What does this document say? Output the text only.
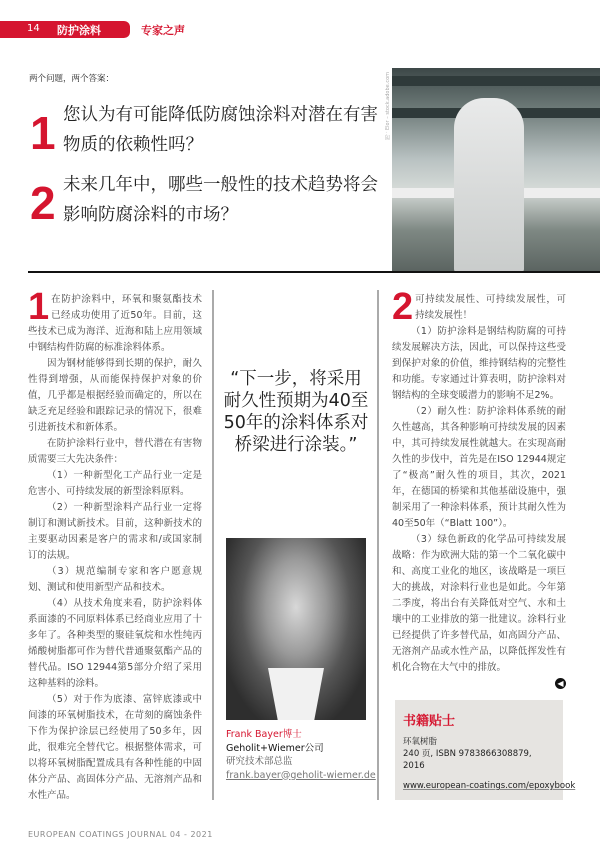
14 防护涂料	专家之声
两个问题，两个答案：
1 您认为有可能降低防腐蚀涂料对潜在有害物质的依赖性吗？
2 未来几年中，哪些一般性的技术趋势将会影响防腐涂料的市场？
图：Elor – stock.adobe.com
1 在防护涂料中，环氧和聚氨酯技术已经成功使用了近50年。目前，这些技术已成为海洋、近海和陆上应用领域中钢结构件防腐的标准涂料体系。

因为钢材能够得到长期的保护，耐久性得到增强，从而能保持保护对象的价值，几乎都是根据经验而确定的，所以在缺乏充足经验和跟踪记录的情况下，很难引进新技术和新体系。

在防护涂料行业中，替代潜在有害物质需要三大先决条件：

（1）一种新型化工产品行业一定是危害小、可持续发展的新型涂料原料。

（2）一种新型涂料产品行业一定将制订和测试新技术。目前，这种新技术的主要驱动因素是客户的需求和/或国家制订的法规。

（3）规范编制专家和客户愿意规划、测试和使用新型产品和技术。

（4）从技术角度来看，防护涂料体系面漆的不同原料体系已经商业应用了十多年了。各种类型的聚硅氧烷和水性纯丙烯酸树脂都可作为替代普通聚氨酯产品的替代品。ISO 12944第5部分介绍了采用这种基料的涂料。

（5）对于作为底漆、富锌底漆或中间漆的环氧树脂技术，在苛刻的腐蚀条件下作为保护涂层已经使用了50多年，因此，很难完全替代它。根据整体需求，可以将环氧树脂配置成具有各种性能的中固体分产品、高固体分产品、无溶剂产品和水性产品。

“下一步，将采用耐久性预期为40至50年的涂料体系对桥梁进行涂装。”
Frank Bayer博士
Geholit+Wiemer公司
研究技术部总监
frank.bayer@geholit-wiemer.de
2 可持续发展性、可持续发展性，可持续发展性！

（1）防护涂料是钢结构防腐的可持续发展解决方法，因此，可以保持这些受到保护对象的价值，维持钢结构的完整性和功能。专家通过计算表明，防护涂料对钢结构的全球变暖潜力的影响不足2%。

（2）耐久性：防护涂料体系统的耐久性越高，其各种影响可持续发展的因素中，其可持续发展性就越大。在实现高耐久性的步伐中，首先是在ISO 12944规定了“极高”耐久性的项目，其次，2021年，在德国的桥梁和其他基础设施中，强制采用了一种涂料体系，预计其耐久性为40至50年（“Blatt 100”）。

（3）绿色新政的化学品可持续发展战略：作为欧洲大陆的第一个二氧化碳中和、高度工业化的地区，该战略是一项巨大的挑战，对涂料行业也是如此。今年第二季度，将出台有关降低对空气、水和土壤中的工业排放的第一批建议。涂料行业已经提供了许多替代品，如高固分产品、无溶剂产品或水性产品，以降低挥发性有机化合物在大气中的排放。

◀
书籍贴士
环氧树脂
240 页, ISBN 9783866308879, 2016
www.european-coatings.com/epoxybook
EUROPEAN COATINGS JOURNAL 04 - 2021
